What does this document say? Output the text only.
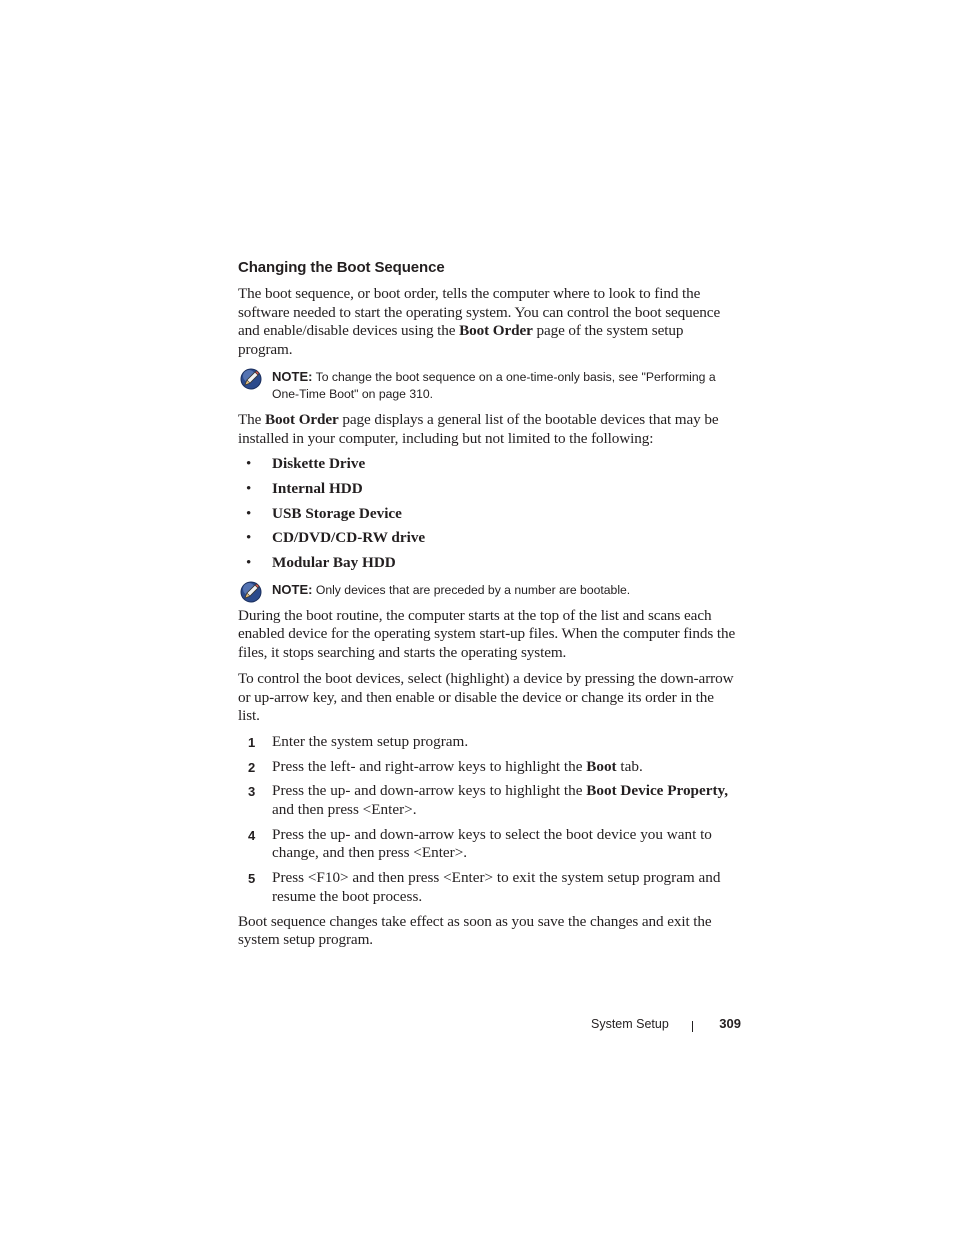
Changing the Boot Sequence

The boot sequence, or boot order, tells the computer where to look to find the software needed to start the operating system. You can control the boot sequence and enable/disable devices using the Boot Order page of the system setup program.

NOTE: To change the boot sequence on a one-time-only basis, see "Performing a One-Time Boot" on page 310.

The Boot Order page displays a general list of the bootable devices that may be installed in your computer, including but not limited to the following:

• Diskette Drive
• Internal HDD
• USB Storage Device
• CD/DVD/CD-RW drive
• Modular Bay HDD
NOTE: Only devices that are preceded by a number are bootable.

During the boot routine, the computer starts at the top of the list and scans each enabled device for the operating system start-up files. When the computer finds the files, it stops searching and starts the operating system.

To control the boot devices, select (highlight) a device by pressing the down-arrow or up-arrow key, and then enable or disable the device or change its order in the list.

1 Enter the system setup program.
2 Press the left- and right-arrow keys to highlight the Boot tab.
3 Press the up- and down-arrow keys to highlight the Boot Device Property, and then press <Enter>.
4 Press the up- and down-arrow keys to select the boot device you want to change, and then press <Enter>.
5 Press <F10> and then press <Enter> to exit the system setup program and resume the boot process.

Boot sequence changes take effect as soon as you save the changes and exit the system setup program.

System Setup	309
